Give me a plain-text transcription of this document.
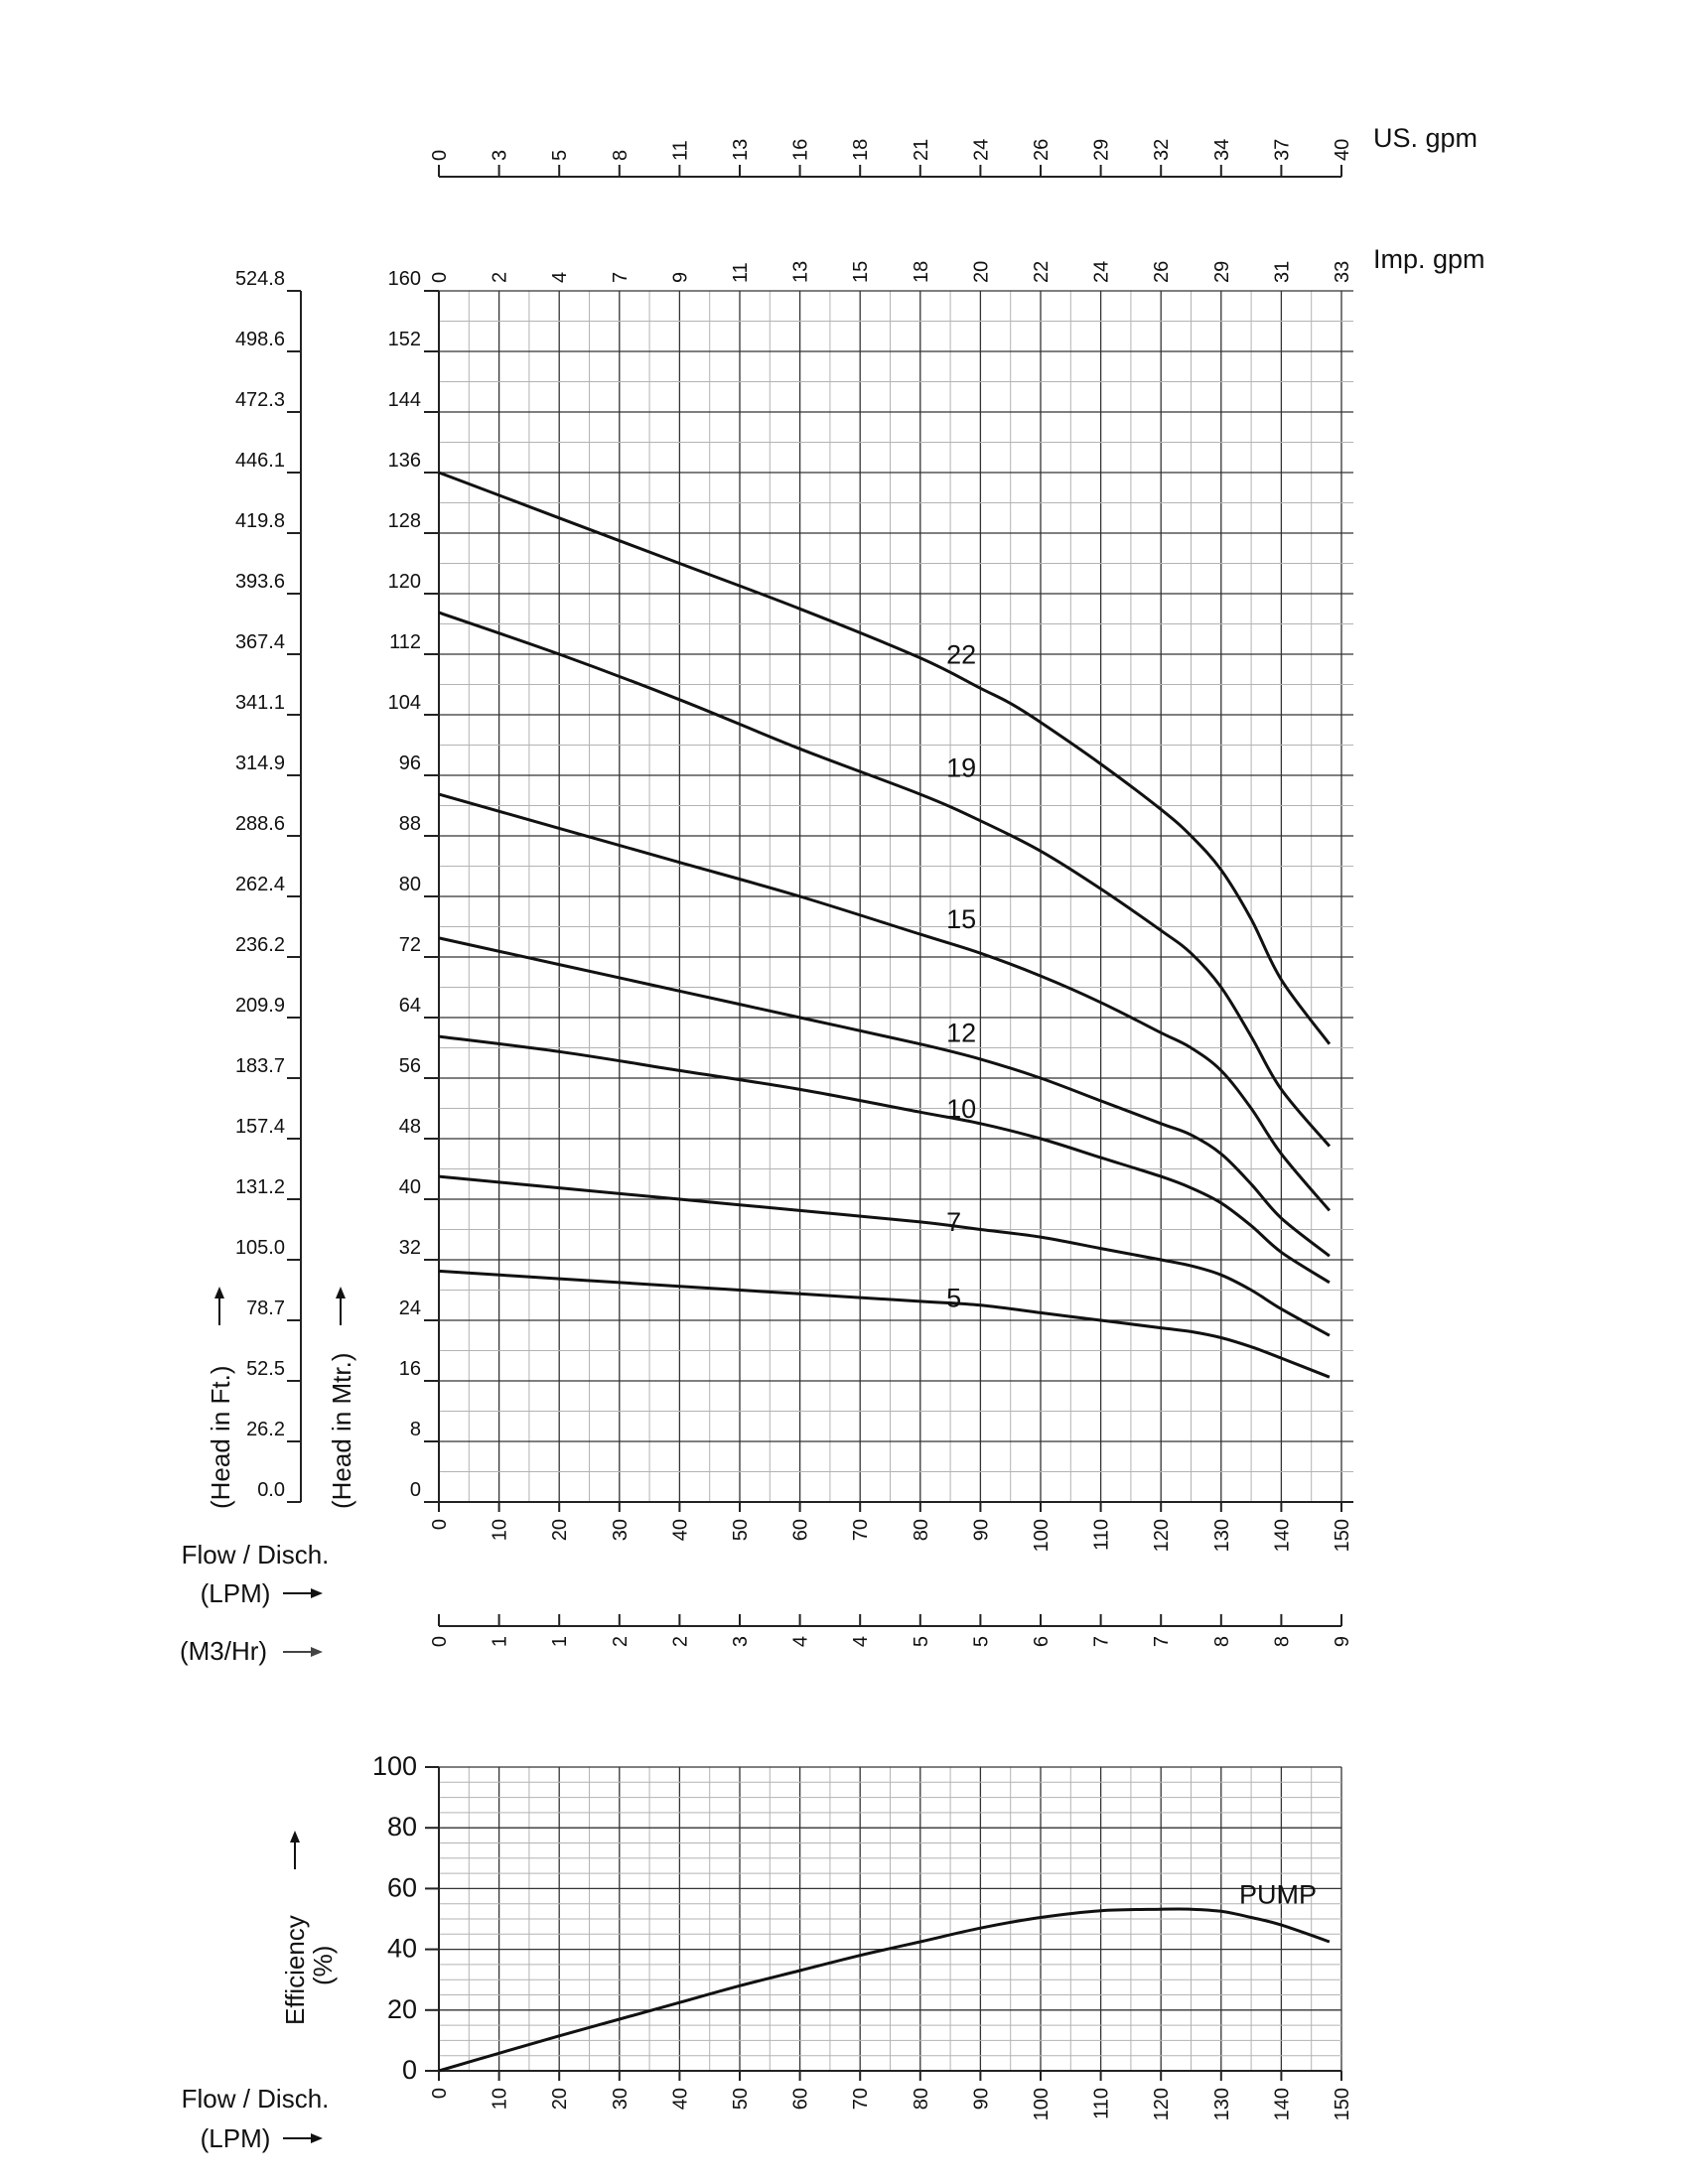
0 3 5 8 11 13 16 18 21 24 26 29 32 34 37 40
22
19
15
12
10
7
5
0
8
16
24
32
40
48
56
64
72
80
88
96
104
112
120
128
136
144
152
160
0.0
26.2
52.5
78.7
105.0
131.2
157.4
183.7
209.9
236.2
262.4
288.6
314.9
341.1
367.4
393.6
419.8
446.1
472.3
498.6
524.8
0 10 20 30 40 50 60 70 80 90 100 110 120 130 140 150
0 2 4 7 9 11 13 15 18 20 22 24 26 29 31 33
0 1 1 2 2 3 4 4 5 5 6 7 7 8 8 9
PUMP
0
20
40
60
80
100
0 10 20 30 40 50 60 70 80 90 100 110 120 130 140 150
US. gpm
Imp. gpm
Flow / Disch.
(LPM)
(M3/Hr)
(Head in Ft.)	(Head in Mtr.)
Efficiency
(%)
Flow / Disch.
(LPM)
